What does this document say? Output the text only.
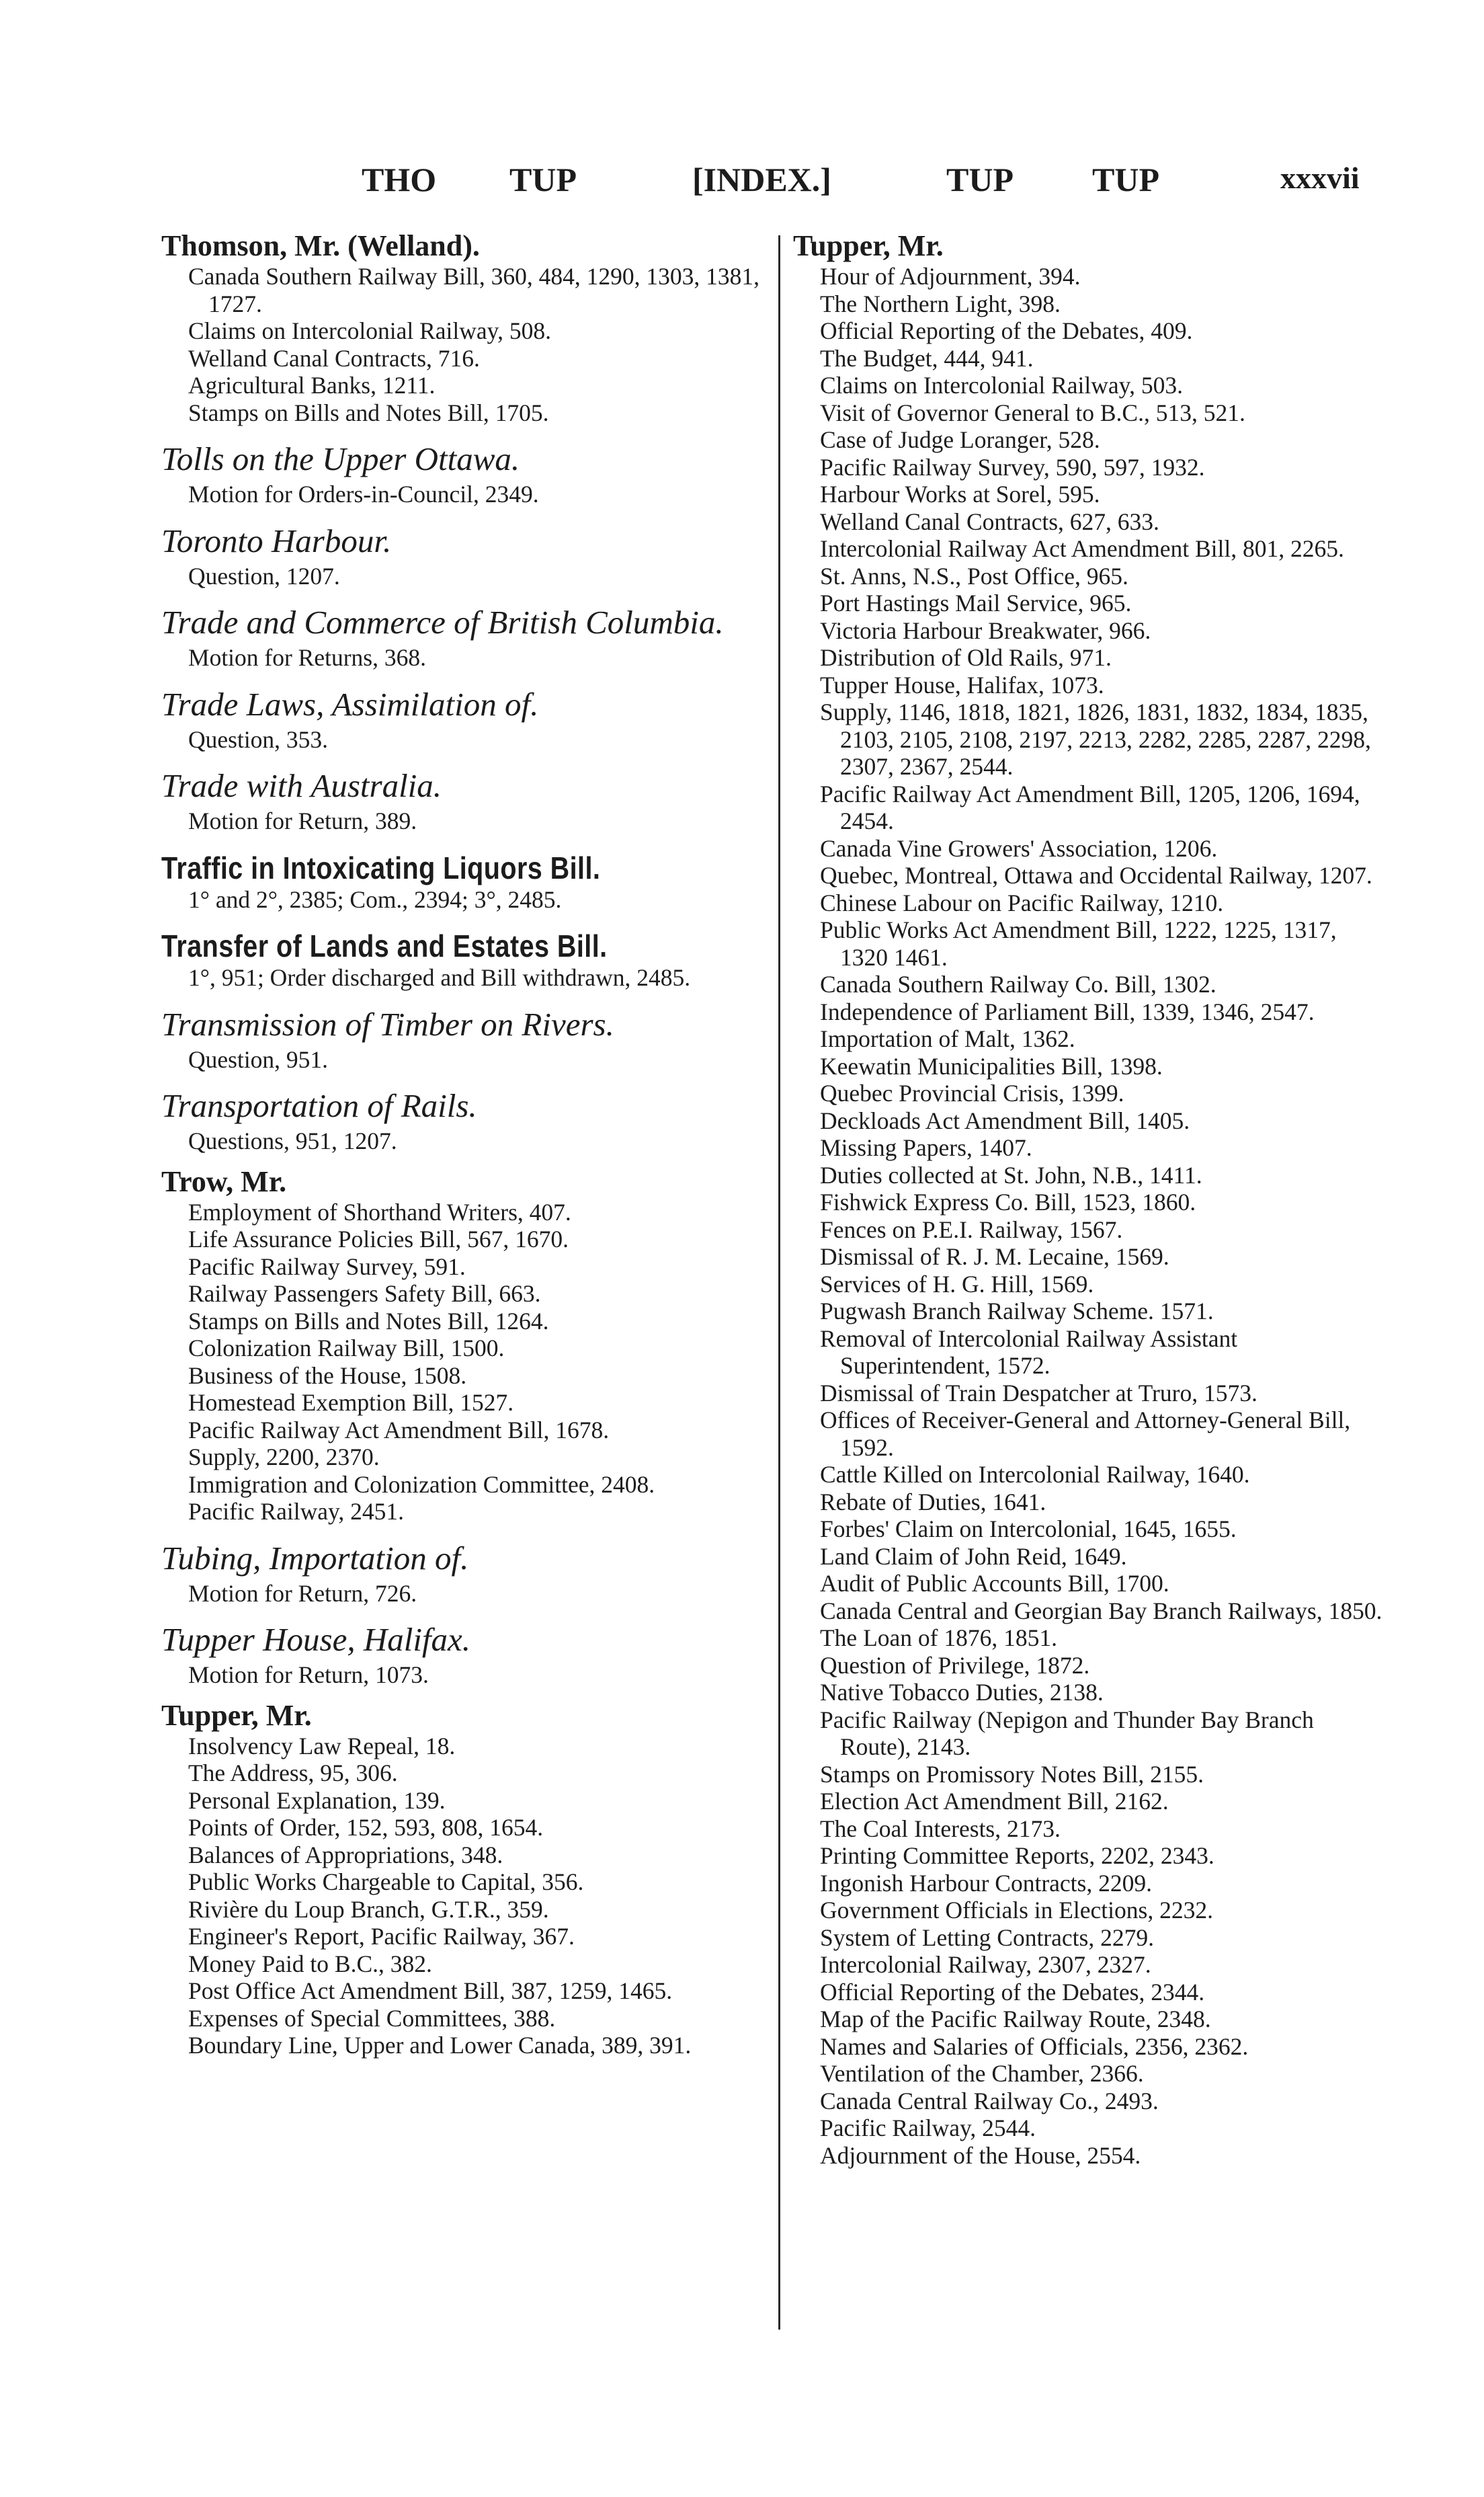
THO TUP	[INDEX.]	TUP TUP	xxxvii
Thomson, Mr. (Welland).
Canada Southern Railway Bill, 360, 484, 1290, 1303, 1381, 1727.
Claims on Intercolonial Railway, 508.
Welland Canal Contracts, 716.
Agricultural Banks, 1211.
Stamps on Bills and Notes Bill, 1705.
Tolls on the Upper Ottawa.
Motion for Orders-in-Council, 2349.
Toronto Harbour.
Question, 1207.
Trade and Commerce of British Columbia.
Motion for Returns, 368.
Trade Laws, Assimilation of.
Question, 353.
Trade with Australia.
Motion for Return, 389.
Traffic in Intoxicating Liquors Bill.
1° and 2°, 2385; Com., 2394; 3°, 2485.
Transfer of Lands and Estates Bill.
1°, 951; Order discharged and Bill withdrawn, 2485.
Transmission of Timber on Rivers.
Question, 951.
Transportation of Rails.
Questions, 951, 1207.
Trow, Mr.
Employment of Shorthand Writers, 407.
Life Assurance Policies Bill, 567, 1670.
Pacific Railway Survey, 591.
Railway Passengers Safety Bill, 663.
Stamps on Bills and Notes Bill, 1264.
Colonization Railway Bill, 1500.
Business of the House, 1508.
Homestead Exemption Bill, 1527.
Pacific Railway Act Amendment Bill, 1678.
Supply, 2200, 2370.
Immigration and Colonization Committee, 2408.
Pacific Railway, 2451.
Tubing, Importation of.
Motion for Return, 726.
Tupper House, Halifax.
Motion for Return, 1073.
Tupper, Mr.
Insolvency Law Repeal, 18.
The Address, 95, 306.
Personal Explanation, 139.
Points of Order, 152, 593, 808, 1654.
Balances of Appropriations, 348.
Public Works Chargeable to Capital, 356.
Rivière du Loup Branch, G.T.R., 359.
Engineer's Report, Pacific Railway, 367.
Money Paid to B.C., 382.
Post Office Act Amendment Bill, 387, 1259, 1465.
Expenses of Special Committees, 388.
Boundary Line, Upper and Lower Canada, 389, 391.
Tupper, Mr.
Hour of Adjournment, 394.
The Northern Light, 398.
Official Reporting of the Debates, 409.
The Budget, 444, 941.
Claims on Intercolonial Railway, 503.
Visit of Governor General to B.C., 513, 521.
Case of Judge Loranger, 528.
Pacific Railway Survey, 590, 597, 1932.
Harbour Works at Sorel, 595.
Welland Canal Contracts, 627, 633.
Intercolonial Railway Act Amendment Bill, 801, 2265.
St. Anns, N.S., Post Office, 965.
Port Hastings Mail Service, 965.
Victoria Harbour Breakwater, 966.
Distribution of Old Rails, 971.
Tupper House, Halifax, 1073.
Supply, 1146, 1818, 1821, 1826, 1831, 1832, 1834, 1835, 2103, 2105, 2108, 2197, 2213, 2282, 2285, 2287, 2298, 2307, 2367, 2544.
Pacific Railway Act Amendment Bill, 1205, 1206, 1694, 2454.
Canada Vine Growers' Association, 1206.
Quebec, Montreal, Ottawa and Occidental Railway, 1207.
Chinese Labour on Pacific Railway, 1210.
Public Works Act Amendment Bill, 1222, 1225, 1317, 1320 1461.
Canada Southern Railway Co. Bill, 1302.
Independence of Parliament Bill, 1339, 1346, 2547.
Importation of Malt, 1362.
Keewatin Municipalities Bill, 1398.
Quebec Provincial Crisis, 1399.
Deckloads Act Amendment Bill, 1405.
Missing Papers, 1407.
Duties collected at St. John, N.B., 1411.
Fishwick Express Co. Bill, 1523, 1860.
Fences on P.E.I. Railway, 1567.
Dismissal of R. J. M. Lecaine, 1569.
Services of H. G. Hill, 1569.
Pugwash Branch Railway Scheme. 1571.
Removal of Intercolonial Railway Assistant Superintendent, 1572.
Dismissal of Train Despatcher at Truro, 1573.
Offices of Receiver-General and Attorney-General Bill, 1592.
Cattle Killed on Intercolonial Railway, 1640.
Rebate of Duties, 1641.
Forbes' Claim on Intercolonial, 1645, 1655.
Land Claim of John Reid, 1649.
Audit of Public Accounts Bill, 1700.
Canada Central and Georgian Bay Branch Railways, 1850.
The Loan of 1876, 1851.
Question of Privilege, 1872.
Native Tobacco Duties, 2138.
Pacific Railway (Nepigon and Thunder Bay Branch Route), 2143.
Stamps on Promissory Notes Bill, 2155.
Election Act Amendment Bill, 2162.
The Coal Interests, 2173.
Printing Committee Reports, 2202, 2343.
Ingonish Harbour Contracts, 2209.
Government Officials in Elections, 2232.
System of Letting Contracts, 2279.
Intercolonial Railway, 2307, 2327.
Official Reporting of the Debates, 2344.
Map of the Pacific Railway Route, 2348.
Names and Salaries of Officials, 2356, 2362.
Ventilation of the Chamber, 2366.
Canada Central Railway Co., 2493.
Pacific Railway, 2544.
Adjournment of the House, 2554.
